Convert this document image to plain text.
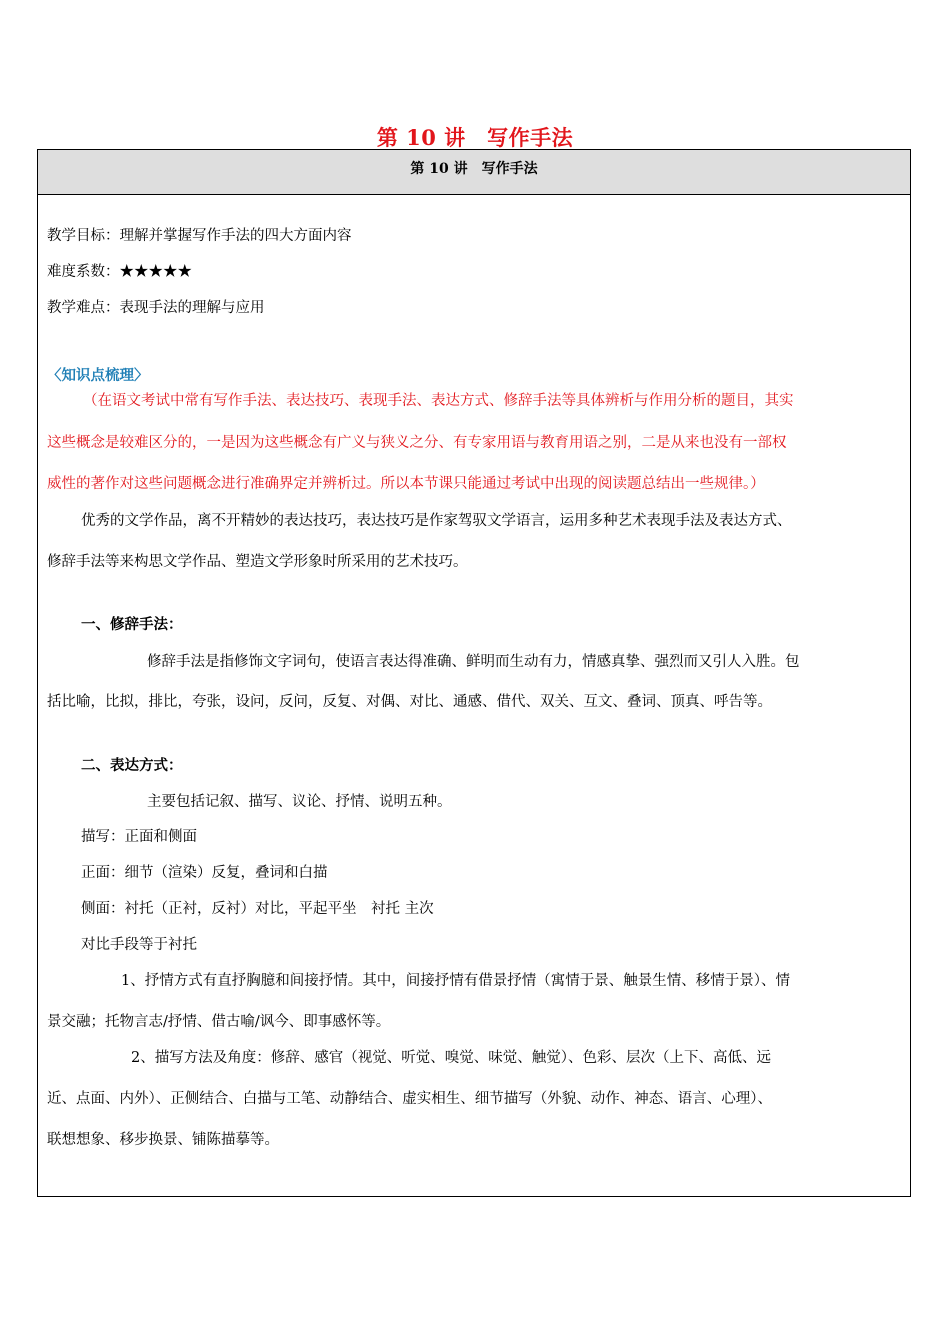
第 10 讲　写作手法
第 10 讲　写作手法
教学目标：理解并掌握写作手法的四大方面内容
难度系数：★★★★★
教学难点：表现手法的理解与应用
〈知识点梳理〉
（在语文考试中常有写作手法、表达技巧、表现手法、表达方式、修辞手法等具体辨析与作用分析的题目，其实
这些概念是较难区分的，一是因为这些概念有广义与狭义之分、有专家用语与教育用语之别，二是从来也没有一部权
威性的著作对这些问题概念进行准确界定并辨析过。所以本节课只能通过考试中出现的阅读题总结出一些规律。）
优秀的文学作品，离不开精妙的表达技巧，表达技巧是作家驾驭文学语言，运用多种艺术表现手法及表达方式、
修辞手法等来构思文学作品、塑造文学形象时所采用的艺术技巧。
一、修辞手法：
修辞手法是指修饰文字词句，使语言表达得准确、鲜明而生动有力，情感真挚、强烈而又引人入胜。包
括比喻，比拟，排比，夸张，设问，反问，反复、对偶、对比、通感、借代、双关、互文、叠词、顶真、呼告等。
二、表达方式：
主要包括记叙、描写、议论、抒情、说明五种。
描写：正面和侧面
正面：细节（渲染）反复，叠词和白描
侧面：衬托（正衬，反衬）对比，平起平坐　衬托 主次
对比手段等于衬托
1、抒情方式有直抒胸臆和间接抒情。其中，间接抒情有借景抒情（寓情于景、触景生情、移情于景）、情
景交融；托物言志/抒情、借古喻/讽今、即事感怀等。
2、描写方法及角度：修辞、感官（视觉、听觉、嗅觉、味觉、触觉）、色彩、层次（上下、高低、远
近、点面、内外）、正侧结合、白描与工笔、动静结合、虚实相生、细节描写（外貌、动作、神态、语言、心理）、
联想想象、移步换景、铺陈描摹等。
